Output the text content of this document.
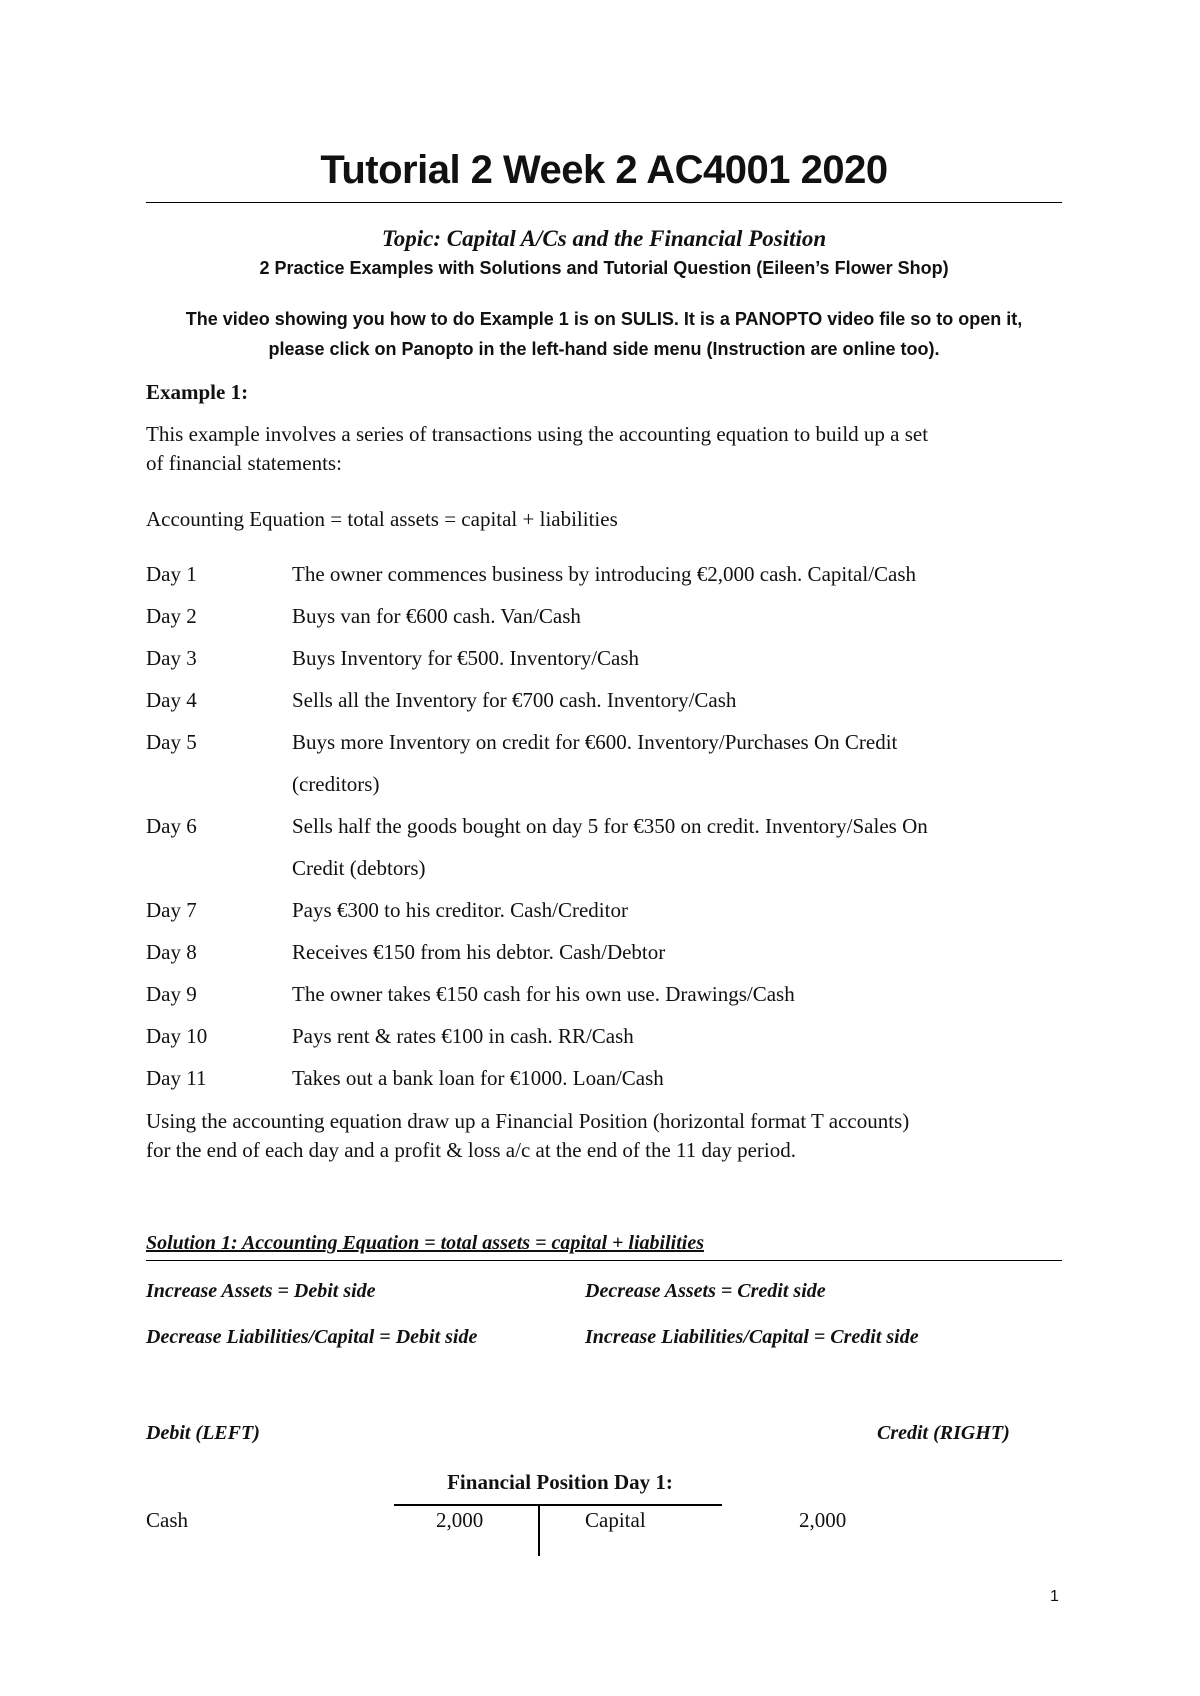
Tutorial 2 Week 2 AC4001 2020
Topic: Capital A/Cs and the Financial Position
2 Practice Examples with Solutions and Tutorial Question (Eileen’s Flower Shop)
The video showing you how to do Example 1 is on SULIS. It is a PANOPTO video file so to open it,
please click on Panopto in the left-hand side menu (Instruction are online too).
Example 1:
This example involves a series of transactions using the accounting equation to build up a set
of financial statements:
Accounting Equation = total assets = capital + liabilities
Day 1	The owner commences business by introducing €2,000 cash. Capital/Cash
Day 2	Buys van for €600 cash. Van/Cash
Day 3	Buys Inventory for €500. Inventory/Cash
Day 4	Sells all the Inventory for €700 cash. Inventory/Cash
Day 5	Buys more Inventory on credit for €600. Inventory/Purchases On Credit
(creditors)
Day 6	Sells half the goods bought on day 5 for €350 on credit. Inventory/Sales On
Credit (debtors)
Day 7	Pays €300 to his creditor. Cash/Creditor
Day 8	Receives €150 from his debtor. Cash/Debtor
Day 9	The owner takes €150 cash for his own use. Drawings/Cash
Day 10	Pays rent & rates €100 in cash. RR/Cash
Day 11	Takes out a bank loan for €1000. Loan/Cash
Using the accounting equation draw up a Financial Position (horizontal format T accounts)
for the end of each day and a profit & loss a/c at the end of the 11 day period.
Solution 1: Accounting Equation = total assets = capital + liabilities
Increase Assets = Debit side	Decrease Assets = Credit side
Decrease Liabilities/Capital = Debit side	Increase Liabilities/Capital = Credit side
Debit (LEFT)	Credit (RIGHT)
Financial Position Day 1:
Cash	2,000	Capital	2,000
1
